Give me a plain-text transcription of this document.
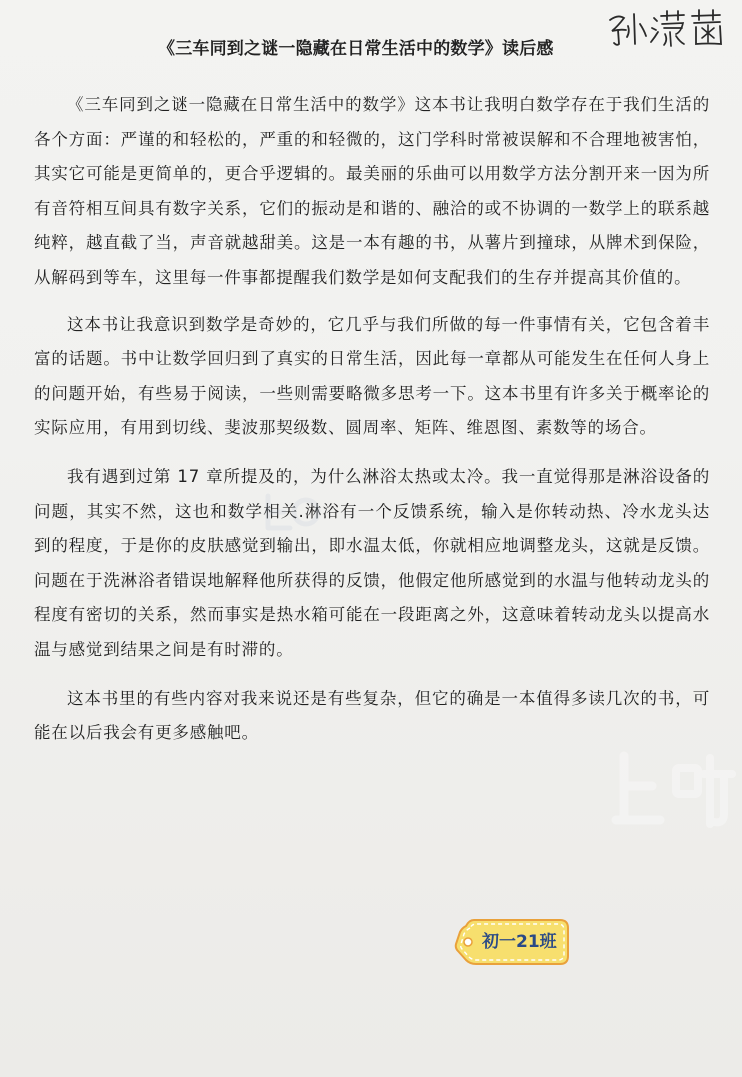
《三车同到之谜一隐藏在日常生活中的数学》读后感

《三车同到之谜一隐藏在日常生活中的数学》这本书让我明白数学存在于我们生活的各个方面：严谨的和轻松的，严重的和轻微的，这门学科时常被误解和不合理地被害怕，其实它可能是更简单的，更合乎逻辑的。最美丽的乐曲可以用数学方法分割开来一因为所有音符相互间具有数字关系，它们的振动是和谐的、融洽的或不协调的一数学上的联系越纯粹，越直截了当，声音就越甜美。这是一本有趣的书，从薯片到撞球，从牌术到保险，从解码到等车，这里每一件事都提醒我们数学是如何支配我们的生存并提高其价值的。

这本书让我意识到数学是奇妙的，它几乎与我们所做的每一件事情有关，它包含着丰富的话题。书中让数学回归到了真实的日常生活，因此每一章都从可能发生在任何人身上的问题开始，有些易于阅读，一些则需要略微多思考一下。这本书里有许多关于概率论的实际应用，有用到切线、斐波那契级数、圆周率、矩阵、维恩图、素数等的场合。

我有遇到过第 17 章所提及的，为什么淋浴太热或太冷。我一直觉得那是淋浴设备的问题，其实不然，这也和数学相关.淋浴有一个反馈系统，输入是你转动热、冷水龙头达到的程度，于是你的皮肤感觉到输出，即水温太低，你就相应地调整龙头，这就是反馈。问题在于洗淋浴者错误地解释他所获得的反馈，他假定他所感觉到的水温与他转动龙头的程度有密切的关系，然而事实是热水箱可能在一段距离之外，这意味着转动龙头以提高水温与感觉到结果之间是有时滞的。

这本书里的有些内容对我来说还是有些复杂，但它的确是一本值得多读几次的书，可能在以后我会有更多感触吧。

初一21班
